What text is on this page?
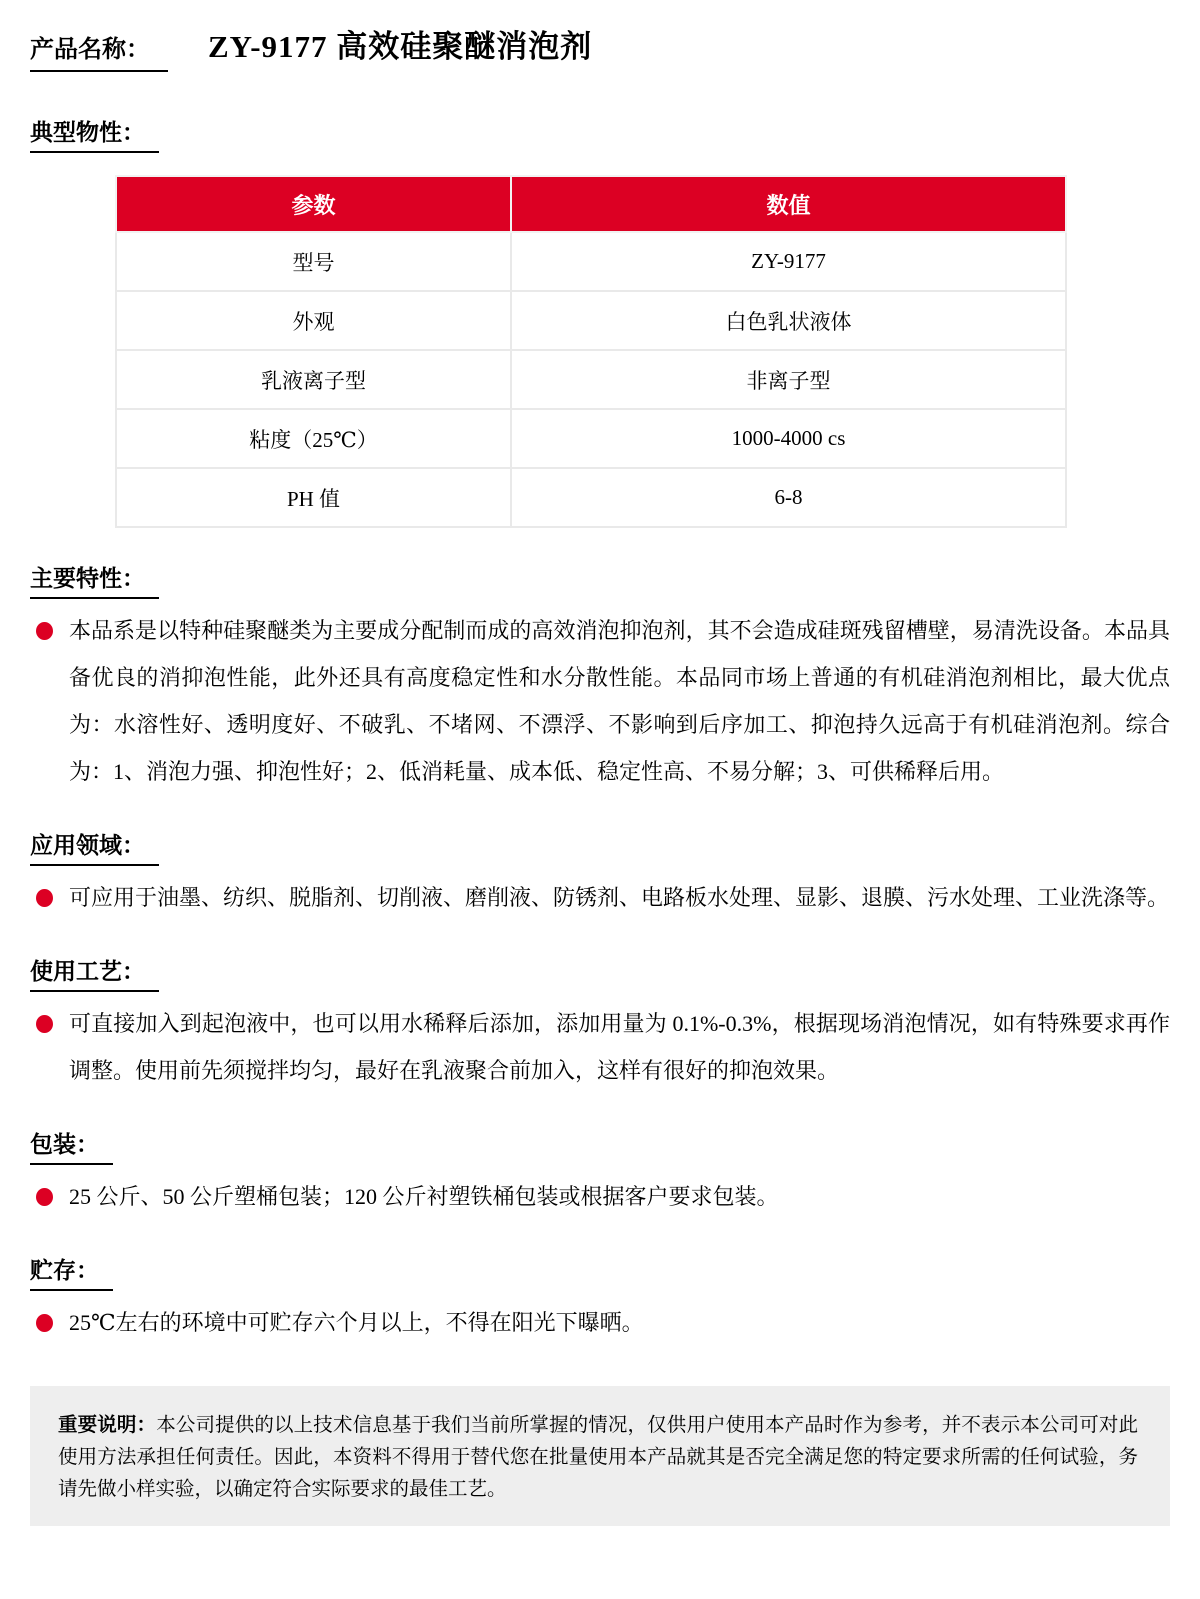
产品名称： ZY-9177 高效硅聚醚消泡剂
典型物性：
参数	数值
型号	ZY-9177
外观	白色乳状液体
乳液离子型	非离子型
粘度（25℃）	1000-4000 cs
PH 值	6-8
主要特性：

本品系是以特种硅聚醚类为主要成分配制而成的高效消泡抑泡剂，其不会造成硅斑残留槽壁，易清洗设备。本品具备优良的消抑泡性能，此外还具有高度稳定性和水分散性能。本品同市场上普通的有机硅消泡剂相比，最大优点为：水溶性好、透明度好、不破乳、不堵网、不漂浮、不影响到后序加工、抑泡持久远高于有机硅消泡剂。综合为：1、消泡力强、抑泡性好；2、低消耗量、成本低、稳定性高、不易分解；3、可供稀释后用。

应用领域：

可应用于油墨、纺织、脱脂剂、切削液、磨削液、防锈剂、电路板水处理、显影、退膜、污水处理、工业洗涤等。

使用工艺：

可直接加入到起泡液中，也可以用水稀释后添加，添加用量为 0.1%-0.3%，根据现场消泡情况，如有特殊要求再作调整。使用前先须搅拌均匀，最好在乳液聚合前加入，这样有很好的抑泡效果。

包装：

25 公斤、50 公斤塑桶包装；120 公斤衬塑铁桶包装或根据客户要求包装。

贮存：

25℃左右的环境中可贮存六个月以上，不得在阳光下曝晒。

重要说明：本公司提供的以上技术信息基于我们当前所掌握的情况，仅供用户使用本产品时作为参考，并不表示本公司可对此使用方法承担任何责任。因此，本资料不得用于替代您在批量使用本产品就其是否完全满足您的特定要求所需的任何试验，务请先做小样实验，以确定符合实际要求的最佳工艺。
